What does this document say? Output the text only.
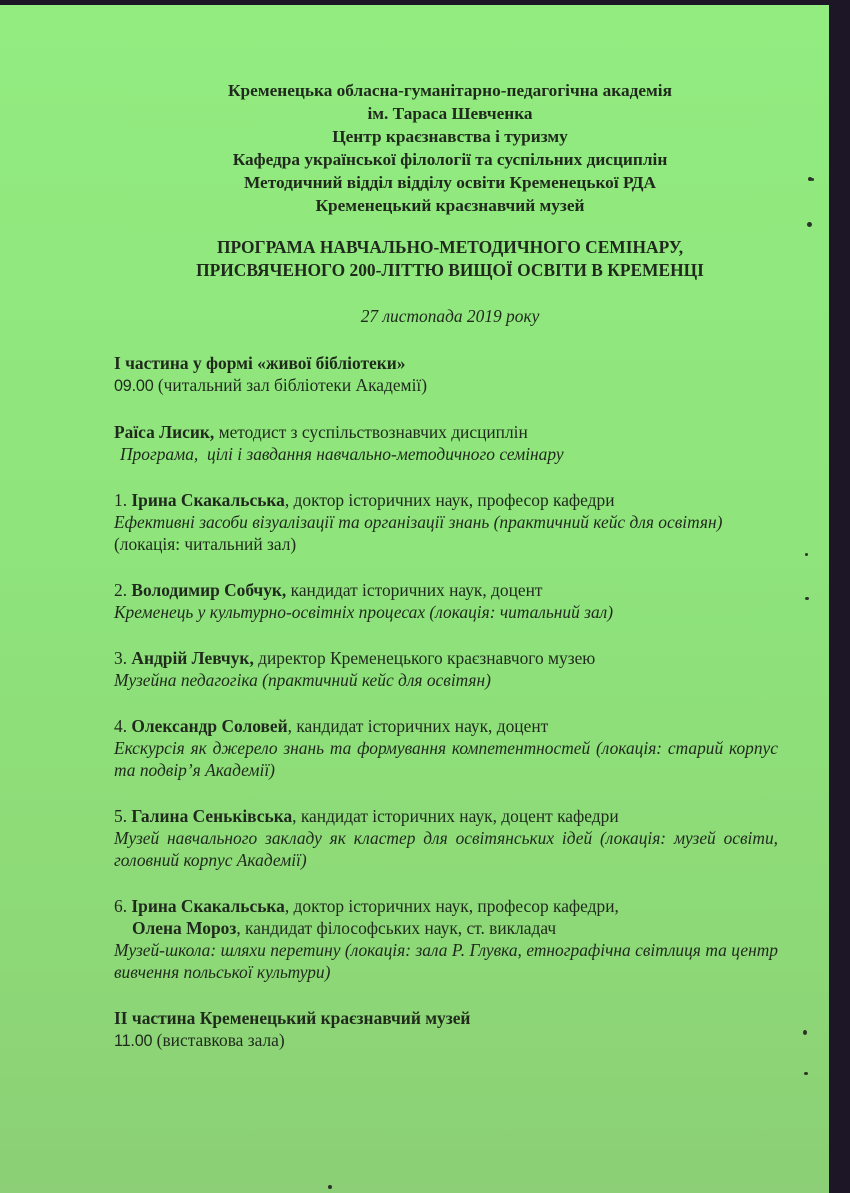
Кременецька обласна-гуманітарно-педагогічна академія
ім. Тараса Шевченка
Центр краєзнавства і туризму
Кафедра української філології та суспільних дисциплін
Методичний відділ відділу освіти Кременецької РДА
Кременецький краєзнавчий музей
ПРОГРАМА НАВЧАЛЬНО-МЕТОДИЧНОГО СЕМІНАРУ,
ПРИСВЯЧЕНОГО 200-ЛІТТЮ ВИЩОЇ ОСВІТИ В КРЕМЕНЦІ
27 листопада 2019 року
І частина у формі «живої бібліотеки»
09.00 (читальний зал бібліотеки Академії)
Раїса Лисик, методист з суспільствознавчих дисциплін
Програма,  цілі і завдання навчально-методичного семінару
1. Ірина Скакальська, доктор історичних наук, професор кафедри
Ефективні засоби візуалізації та організації знань (практичний кейс для освітян) (локація: читальний зал)
2. Володимир Собчук, кандидат історичних наук, доцент
Кременець у культурно-освітніх процесах (локація: читальний зал)
3. Андрій Левчук, директор Кременецького краєзнавчого музею
Музейна педагогіка (практичний кейс для освітян)
4. Олександр Соловей, кандидат історичних наук, доцент
Екскурсія як джерело знань та формування компетентностей (локація: старий корпус та подвір’я Академії)
5. Галина Сеньківська, кандидат історичних наук, доцент кафедри
Музей навчального закладу як кластер для освітянських ідей (локація: музей освіти, головний корпус Академії)
6. Ірина Скакальська, доктор історичних наук, професор кафедри,
Олена Мороз, кандидат філософських наук, ст. викладач
Музей-школа: шляхи перетину (локація: зала Р. Глувка, етнографічна світлиця та центр вивчення польської культури)
ІІ частина Кременецький краєзнавчий музей
11.00 (виставкова зала)
